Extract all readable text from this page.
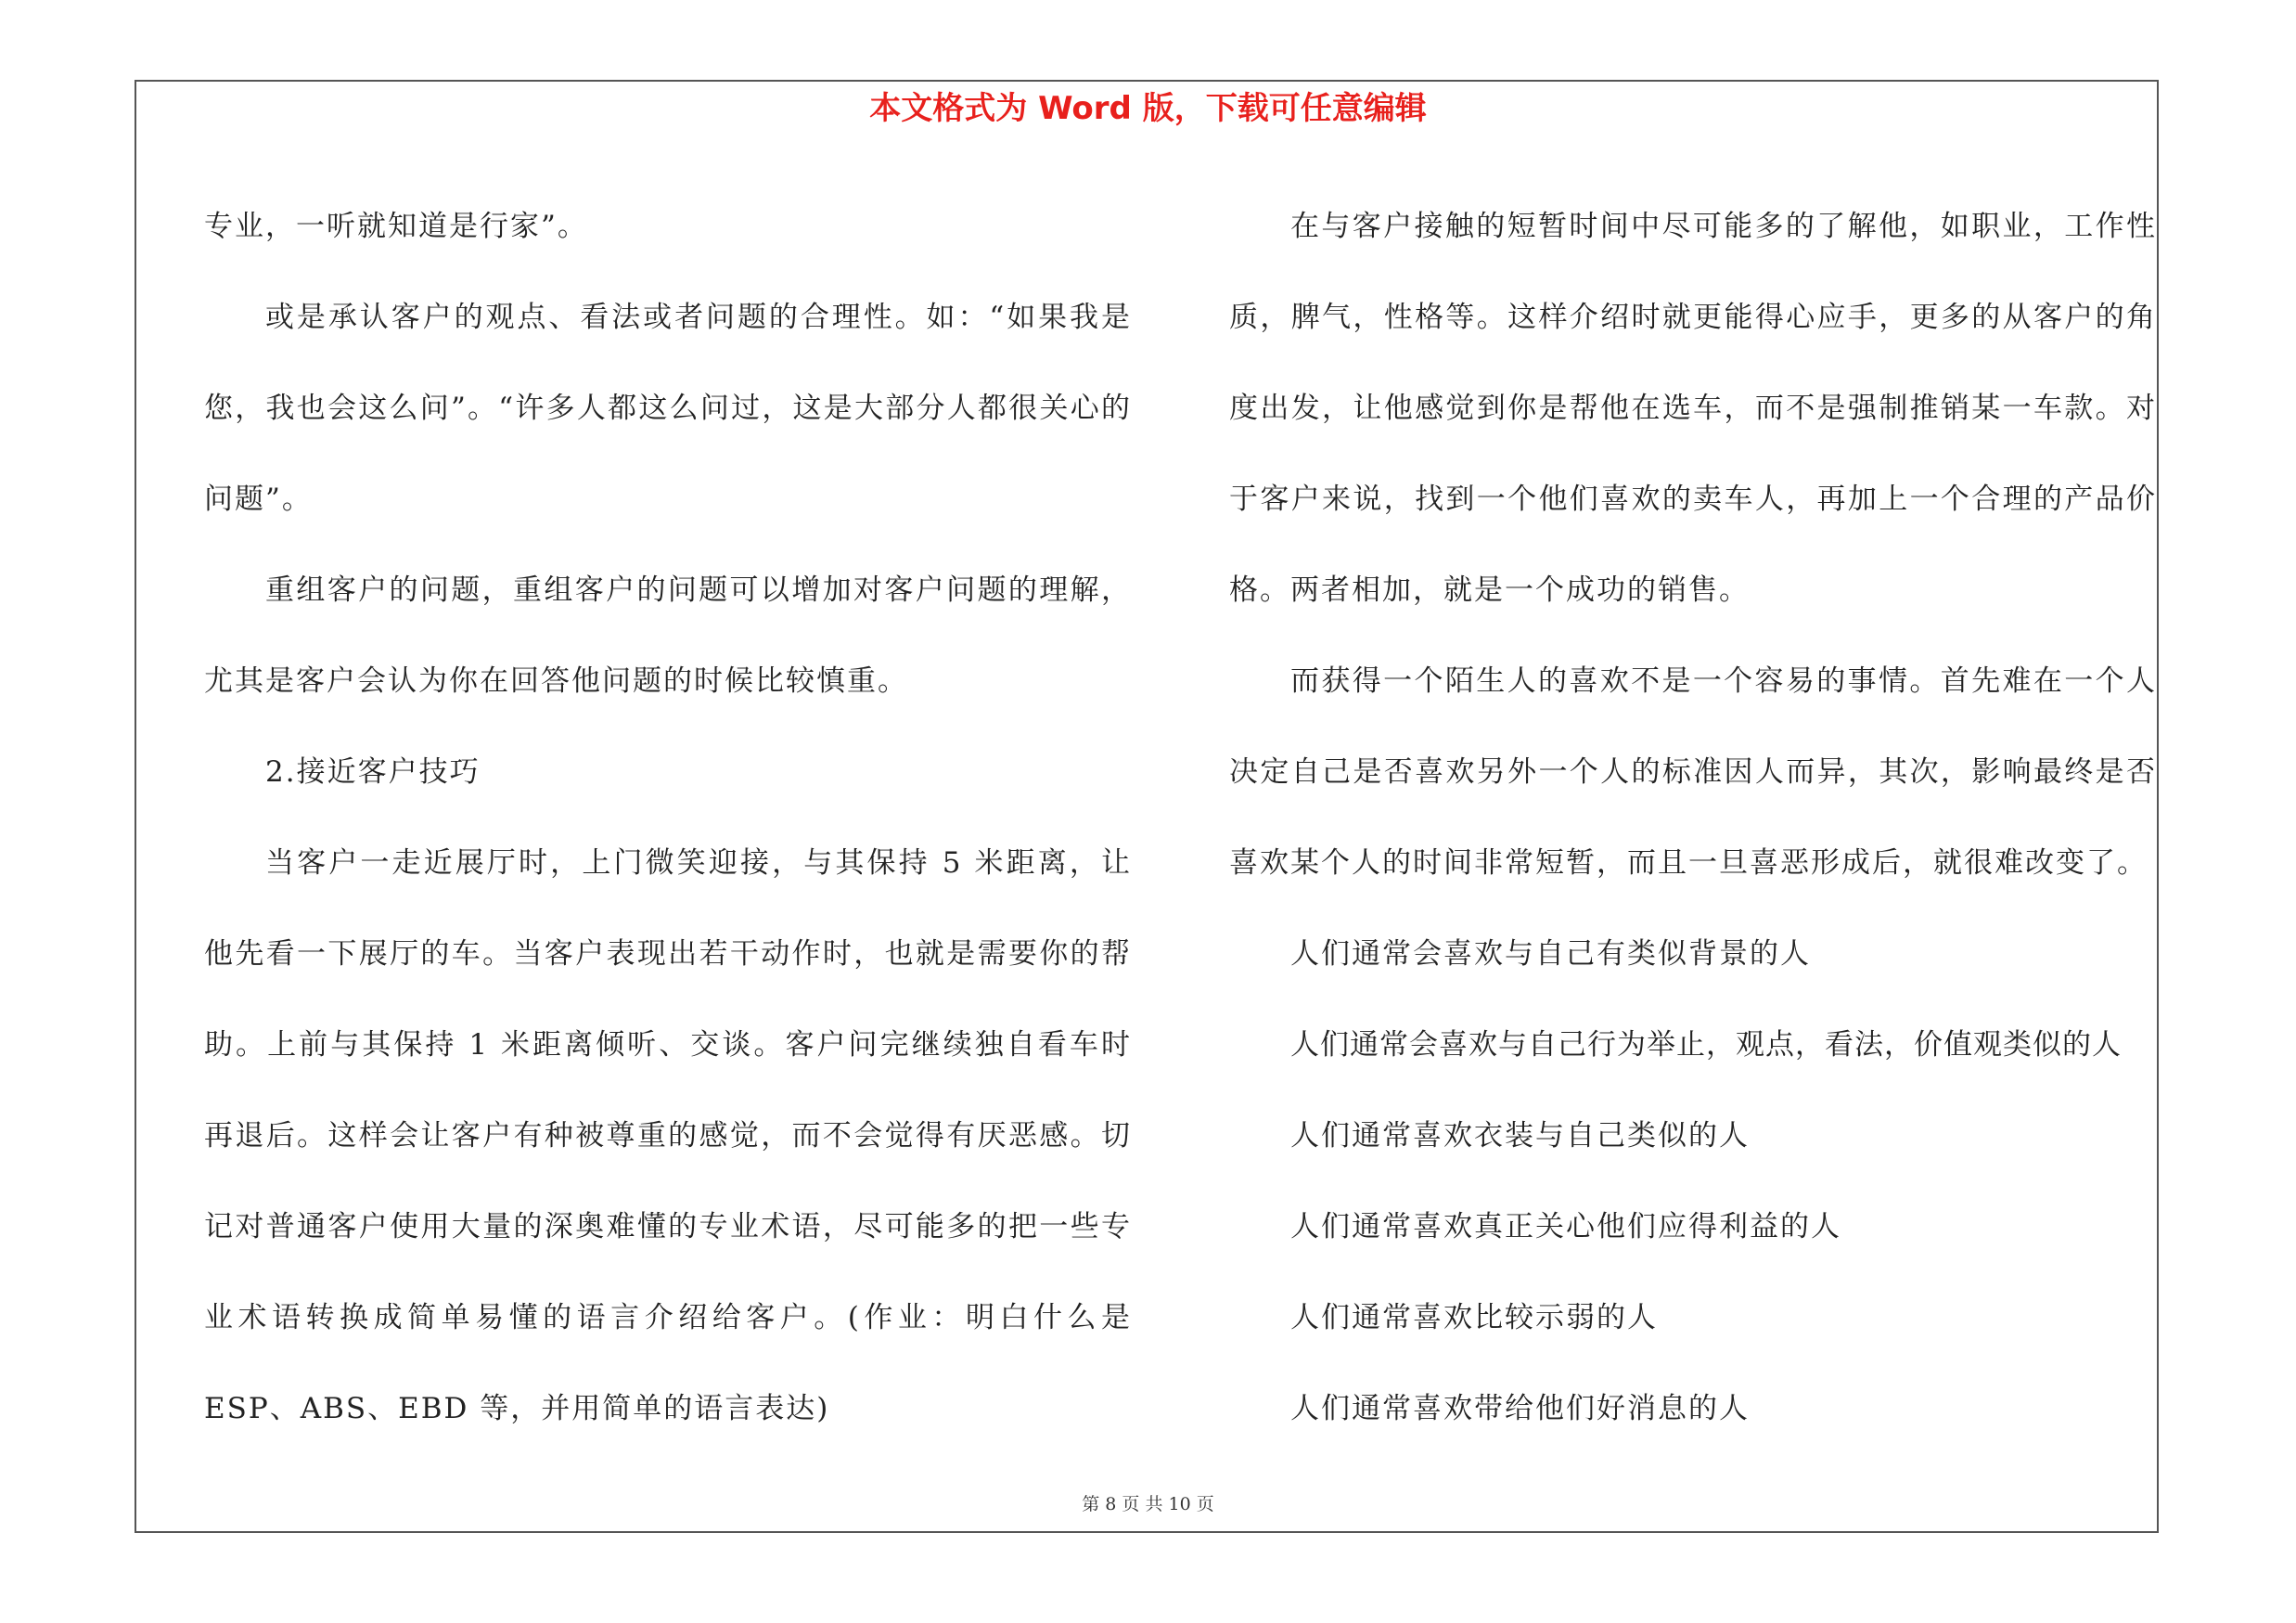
本文格式为 Word 版，下载可任意编辑

专业，一听就知道是行家”。

或是承认客户的观点、看法或者问题的合理性。如：“如果我是您，我也会这么问”。“许多人都这么问过，这是大部分人都很关心的问题”。

重组客户的问题，重组客户的问题可以增加对客户问题的理解，尤其是客户会认为你在回答他问题的时候比较慎重。

2.接近客户技巧

当客户一走近展厅时，上门微笑迎接，与其保持 5 米距离，让他先看一下展厅的车。当客户表现出若干动作时，也就是需要你的帮助。上前与其保持 1 米距离倾听、交谈。客户问完继续独自看车时再退后。这样会让客户有种被尊重的感觉，而不会觉得有厌恶感。切记对普通客户使用大量的深奥难懂的专业术语，尽可能多的把一些专业术语转换成简单易懂的语言介绍给客户。(作业：明白什么是 ESP、ABS、EBD 等，并用简单的语言表达)

在与客户接触的短暂时间中尽可能多的了解他，如职业，工作性质，脾气，性格等。这样介绍时就更能得心应手，更多的从客户的角度出发，让他感觉到你是帮他在选车，而不是强制推销某一车款。对于客户来说，找到一个他们喜欢的卖车人，再加上一个合理的产品价格。两者相加，就是一个成功的销售。

而获得一个陌生人的喜欢不是一个容易的事情。首先难在一个人决定自己是否喜欢另外一个人的标准因人而异，其次，影响最终是否喜欢某个人的时间非常短暂，而且一旦喜恶形成后，就很难改变了。

人们通常会喜欢与自己有类似背景的人

人们通常会喜欢与自己行为举止，观点，看法，价值观类似的人

人们通常喜欢衣装与自己类似的人

人们通常喜欢真正关心他们应得利益的人

人们通常喜欢比较示弱的人

人们通常喜欢带给他们好消息的人

第 8 页 共 10 页
